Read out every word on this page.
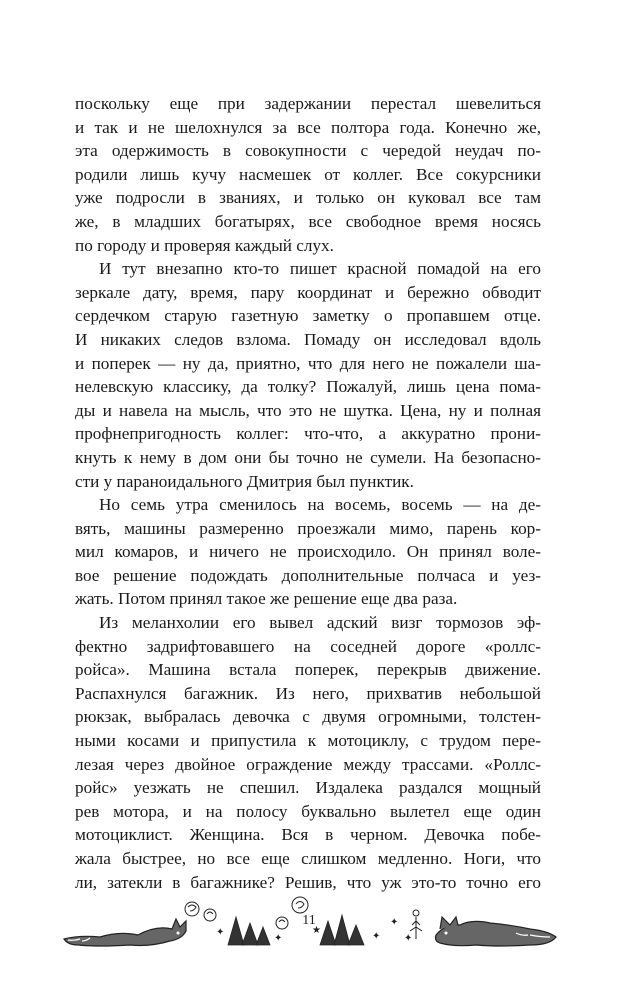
поскольку еще при задержании перестал шевелиться
и так и не шелохнулся за все полтора года. Конечно же,
эта одержимость в совокупности с чередой неудач по-
родили лишь кучу насмешек от коллег. Все сокурсники
уже подросли в званиях, и только он куковал все там
же, в младших богатырях, все свободное время носясь
по городу и проверяя каждый слух.
И тут внезапно кто-то пишет красной помадой на его
зеркале дату, время, пару координат и бережно обводит
сердечком старую газетную заметку о пропавшем отце.
И никаких следов взлома. Помаду он исследовал вдоль
и поперек — ну да, приятно, что для него не пожалели ша-
нелевскую классику, да толку? Пожалуй, лишь цена пома-
ды и навела на мысль, что это не шутка. Цена, ну и полная
профнепригодность коллег: что-что, а аккуратно прони-
кнуть к нему в дом они бы точно не сумели. На безопасно-
сти у параноидального Дмитрия был пунктик.
Но семь утра сменилось на восемь, восемь — на де-
вять, машины размеренно проезжали мимо, парень кор-
мил комаров, и ничего не происходило. Он принял воле-
вое решение подождать дополнительные полчаса и уез-
жать. Потом принял такое же решение еще два раза.
Из меланхолии его вывел адский визг тормозов эф-
фектно задрифтовавшего на соседней дороге «роллс-
ройса». Машина встала поперек, перекрыв движение.
Распахнулся багажник. Из него, прихватив небольшой
рюкзак, выбралась девочка с двумя огромными, толстен-
ными косами и припустила к мотоциклу, с трудом пере-
лезая через двойное ограждение между трассами. «Роллс-
ройс» уезжать не спешил. Издалека раздался мощный
рев мотора, и на полосу буквально вылетел еще один
мотоциклист. Женщина. Вся в черном. Девочка побе-
жала быстрее, но все еще слишком медленно. Ноги, что
ли, затекли в багажнике? Решив, что уж это-то точно его
✦
✦
★
✦
✦
✦
11
